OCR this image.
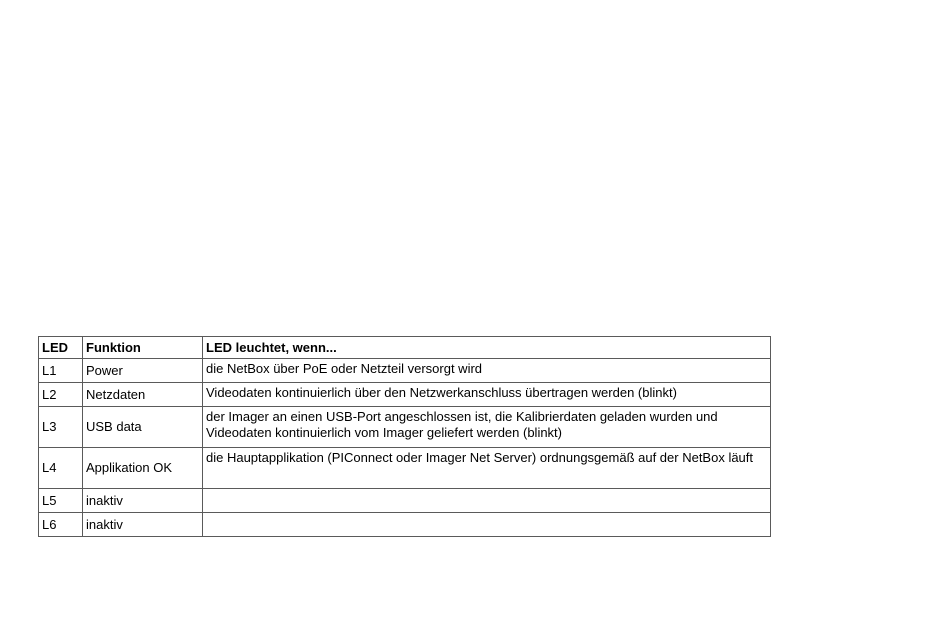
LED	Funktion	LED leuchtet, wenn...
L1	Power	die NetBox über PoE oder Netzteil versorgt wird
L2	Netzdaten	Videodaten kontinuierlich über den Netzwerkanschluss übertragen werden (blinkt)
L3	USB data	der Imager an einen USB-Port angeschlossen ist, die Kalibrierdaten geladen wurden und Videodaten kontinuierlich vom Imager geliefert werden (blinkt)
L4	Applikation OK	die Hauptapplikation (PIConnect oder Imager Net Server) ordnungsgemäß auf der NetBox läuft
L5	inaktiv	
L6	inaktiv	
